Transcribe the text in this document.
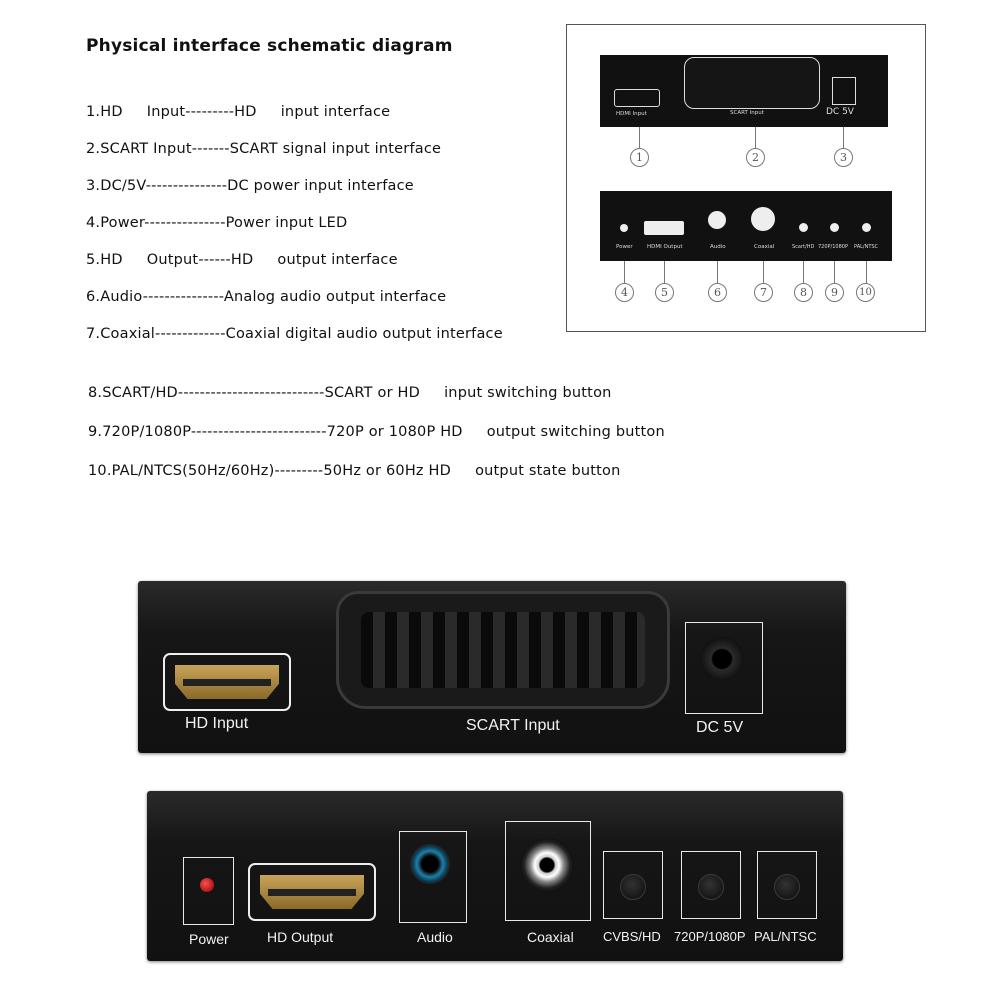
Physical interface schematic diagram
1.HD     Input---------HD     input interface
2.SCART Input-------SCART signal input interface
3.DC/5V---------------DC power input interface
4.Power---------------Power input LED
5.HD     Output------HD     output interface
6.Audio---------------Analog audio output interface
7.Coaxial-------------Coaxial digital audio output interface
8.SCART/HD---------------------------SCART or HD     input switching button
9.720P/1080P-------------------------720P or 1080P HD     output switching button
10.PAL/NTCS(50Hz/60Hz)---------50Hz or 60Hz HD     output state button
HDMI Input	SCART Input	DC 5V
1	2	3
Power	HDMI Output	Audio	Coaxial	Scart/HD 720P/1080P PAL/NTSC
4	5	6	7	8	9	10
HD Input	SCART Input	DC 5V
Power	HD Output	Audio	Coaxial CVBS/HD 720P/1080P PAL/NTSC
